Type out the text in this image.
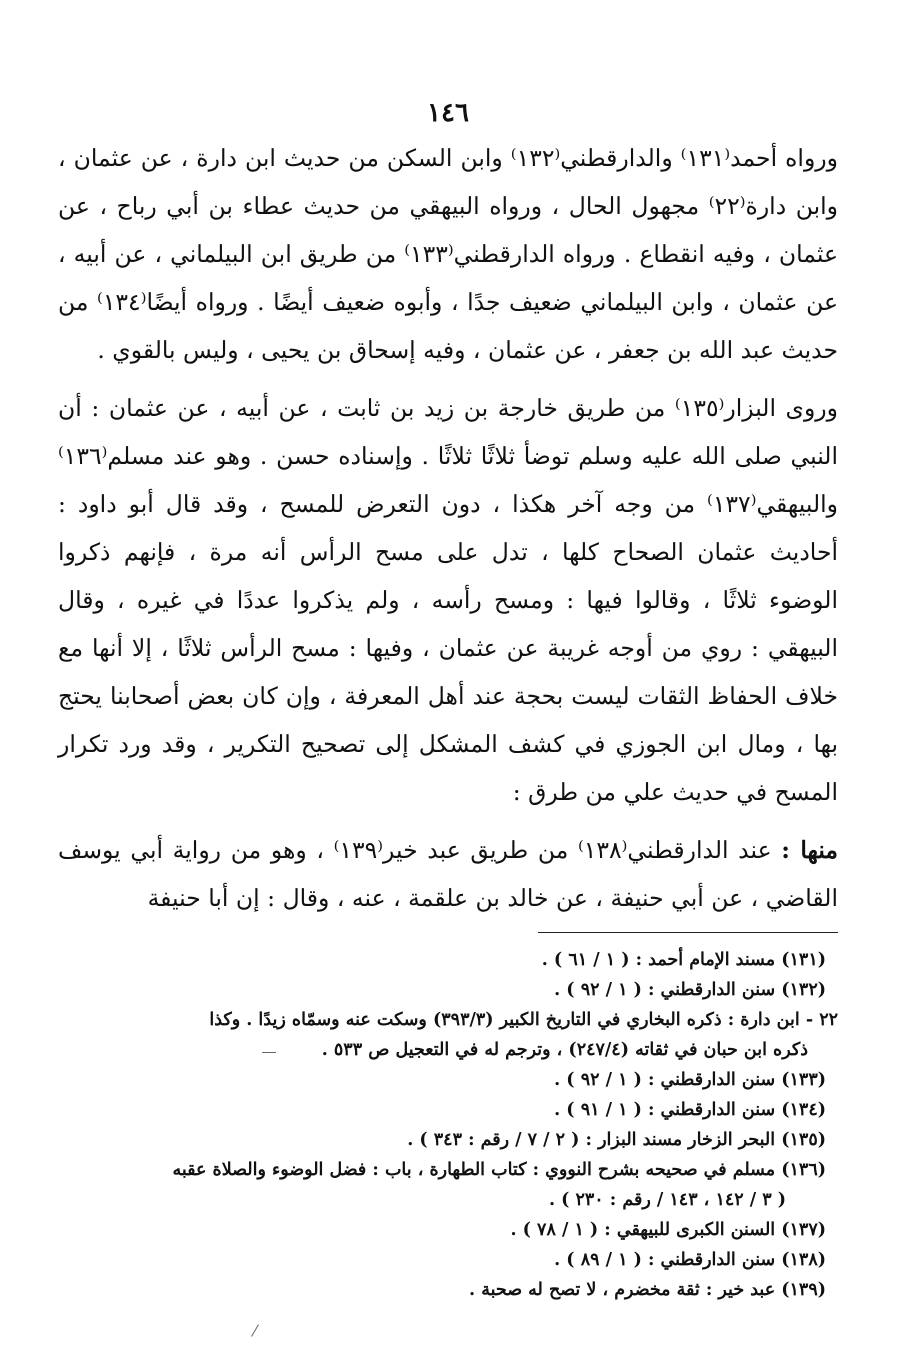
١٤٦

ورواه أحمد⁽١٣١⁾ والدارقطني⁽١٣٢⁾ وابن السكن من حديث ابن دارة ، عن عثمان ، وابن دارة⁽٢٢⁾ مجهول الحال ، ورواه البيهقي من حديث عطاء بن أبي رباح ، عن عثمان ، وفيه انقطاع . ورواه الدارقطني⁽١٣٣⁾ من طريق ابن البيلماني ، عن أبيه ، عن عثمان ، وابن البيلماني ضعيف جدًا ، وأبوه ضعيف أيضًا . ورواه أيضًا⁽١٣٤⁾ من حديث عبد الله بن جعفر ، عن عثمان ، وفيه إسحاق بن يحيى ، وليس بالقوي .

وروى البزار⁽١٣٥⁾ من طريق خارجة بن زيد بن ثابت ، عن أبيه ، عن عثمان : أن النبي صلى الله عليه وسلم توضأ ثلاثًا ثلاثًا . وإسناده حسن . وهو عند مسلم⁽١٣٦⁾ والبيهقي⁽١٣٧⁾ من وجه آخر هكذا ، دون التعرض للمسح ، وقد قال أبو داود : أحاديث عثمان الصحاح كلها ، تدل على مسح الرأس أنه مرة ، فإنهم ذكروا الوضوء ثلاثًا ، وقالوا فيها : ومسح رأسه ، ولم يذكروا عددًا في غيره ، وقال البيهقي : روي من أوجه غريبة عن عثمان ، وفيها : مسح الرأس ثلاثًا ، إلا أنها مع خلاف الحفاظ الثقات ليست بحجة عند أهل المعرفة ، وإن كان بعض أصحابنا يحتج بها ، ومال ابن الجوزي في كشف المشكل إلى تصحيح التكرير ، وقد ورد تكرار المسح في حديث علي من طرق :

منها : عند الدارقطني⁽١٣٨⁾ من طريق عبد خير⁽١٣٩⁾ ، وهو من رواية أبي يوسف القاضي ، عن أبي حنيفة ، عن خالد بن علقمة ، عنه ، وقال : إن أبا حنيفة

(١٣١) مسند الإمام أحمد : ( ١ / ٦١ ) .
(١٣٢) سنن الدارقطني : ( ١ / ٩٢ ) .
٢٢ - ابن دارة : ذكره البخاري في التاريخ الكبير (٣٩٣/٣) وسكت عنه وسمّاه زيدًا . وكذا
ذكره ابن حبان في ثقاته (٢٤٧/٤) ، وترجم له في التعجيل ص ٥٣٣ .
(١٣٣) سنن الدارقطني : ( ١ / ٩٢ ) .
(١٣٤) سنن الدارقطني : ( ١ / ٩١ ) .
(١٣٥) البحر الزخار مسند البزار : ( ٢ / ٧ / رقم : ٣٤٣ ) .
(١٣٦) مسلم في صحيحه بشرح النووي : كتاب الطهارة ، باب : فضل الوضوء والصلاة عقبه
( ٣ / ١٤٢ ، ١٤٣ / رقم : ٢٣٠ ) .
(١٣٧) السنن الكبرى للبيهقي : ( ١ / ٧٨ ) .
(١٣٨) سنن الدارقطني : ( ١ / ٨٩ ) .
(١٣٩) عبد خير : ثقة مخضرم ، لا تصح له صحبة .
